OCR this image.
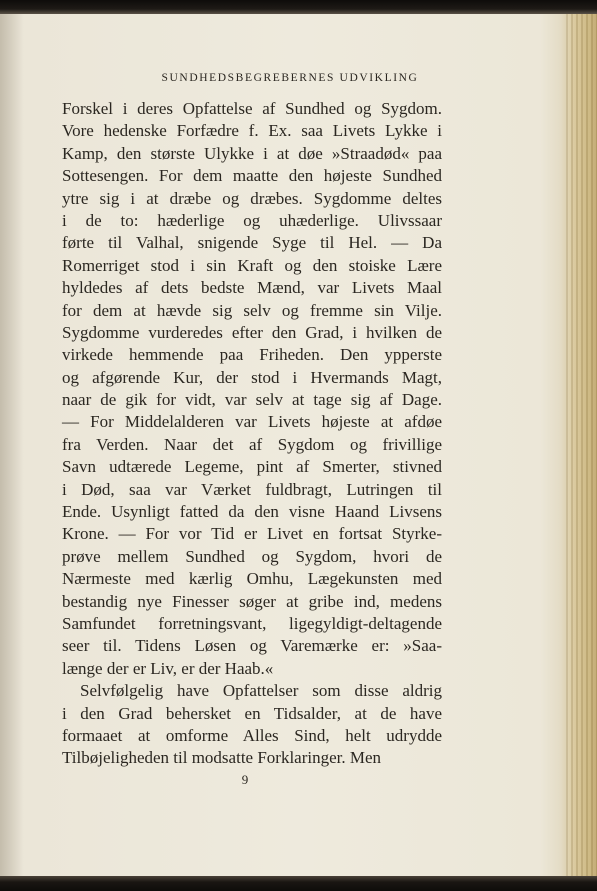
SUNDHEDSBEGREBERNES UDVIKLING
Forskel i deres Opfattelse af Sundhed og Sygdom.
Vore hedenske Forfædre f. Ex. saa Livets Lykke i
Kamp, den største Ulykke i at døe »Straadød« paa
Sottesengen. For dem maatte den højeste Sundhed
ytre sig i at dræbe og dræbes. Sygdomme deltes
i de to: hæderlige og uhæderlige. Ulivssaar
førte til Valhal, snigende Syge til Hel. — Da
Romerriget stod i sin Kraft og den stoiske Lære
hyldedes af dets bedste Mænd, var Livets Maal
for dem at hævde sig selv og fremme sin Vilje.
Sygdomme vurderedes efter den Grad, i hvilken de
virkede hemmende paa Friheden. Den ypperste
og afgørende Kur, der stod i Hvermands Magt,
naar de gik for vidt, var selv at tage sig af Dage.
— For Middelalderen var Livets højeste at afdøe
fra Verden. Naar det af Sygdom og frivillige
Savn udtærede Legeme, pint af Smerter, stivned
i Død, saa var Værket fuldbragt, Lutringen til
Ende. Usynligt fatted da den visne Haand Livsens
Krone. — For vor Tid er Livet en fortsat Styrke-
prøve mellem Sundhed og Sygdom, hvori de
Nærmeste med kærlig Omhu, Lægekunsten med
bestandig nye Finesser søger at gribe ind, medens
Samfundet forretningsvant, ligegyldigt-deltagende
seer til. Tidens Løsen og Varemærke er: »Saa-
længe der er Liv, er der Haab.«
Selvfølgelig have Opfattelser som disse aldrig
i den Grad behersket en Tidsalder, at de have
formaaet at omforme Alles Sind, helt udrydde
Tilbøjeligheden til modsatte Forklaringer. Men
9
